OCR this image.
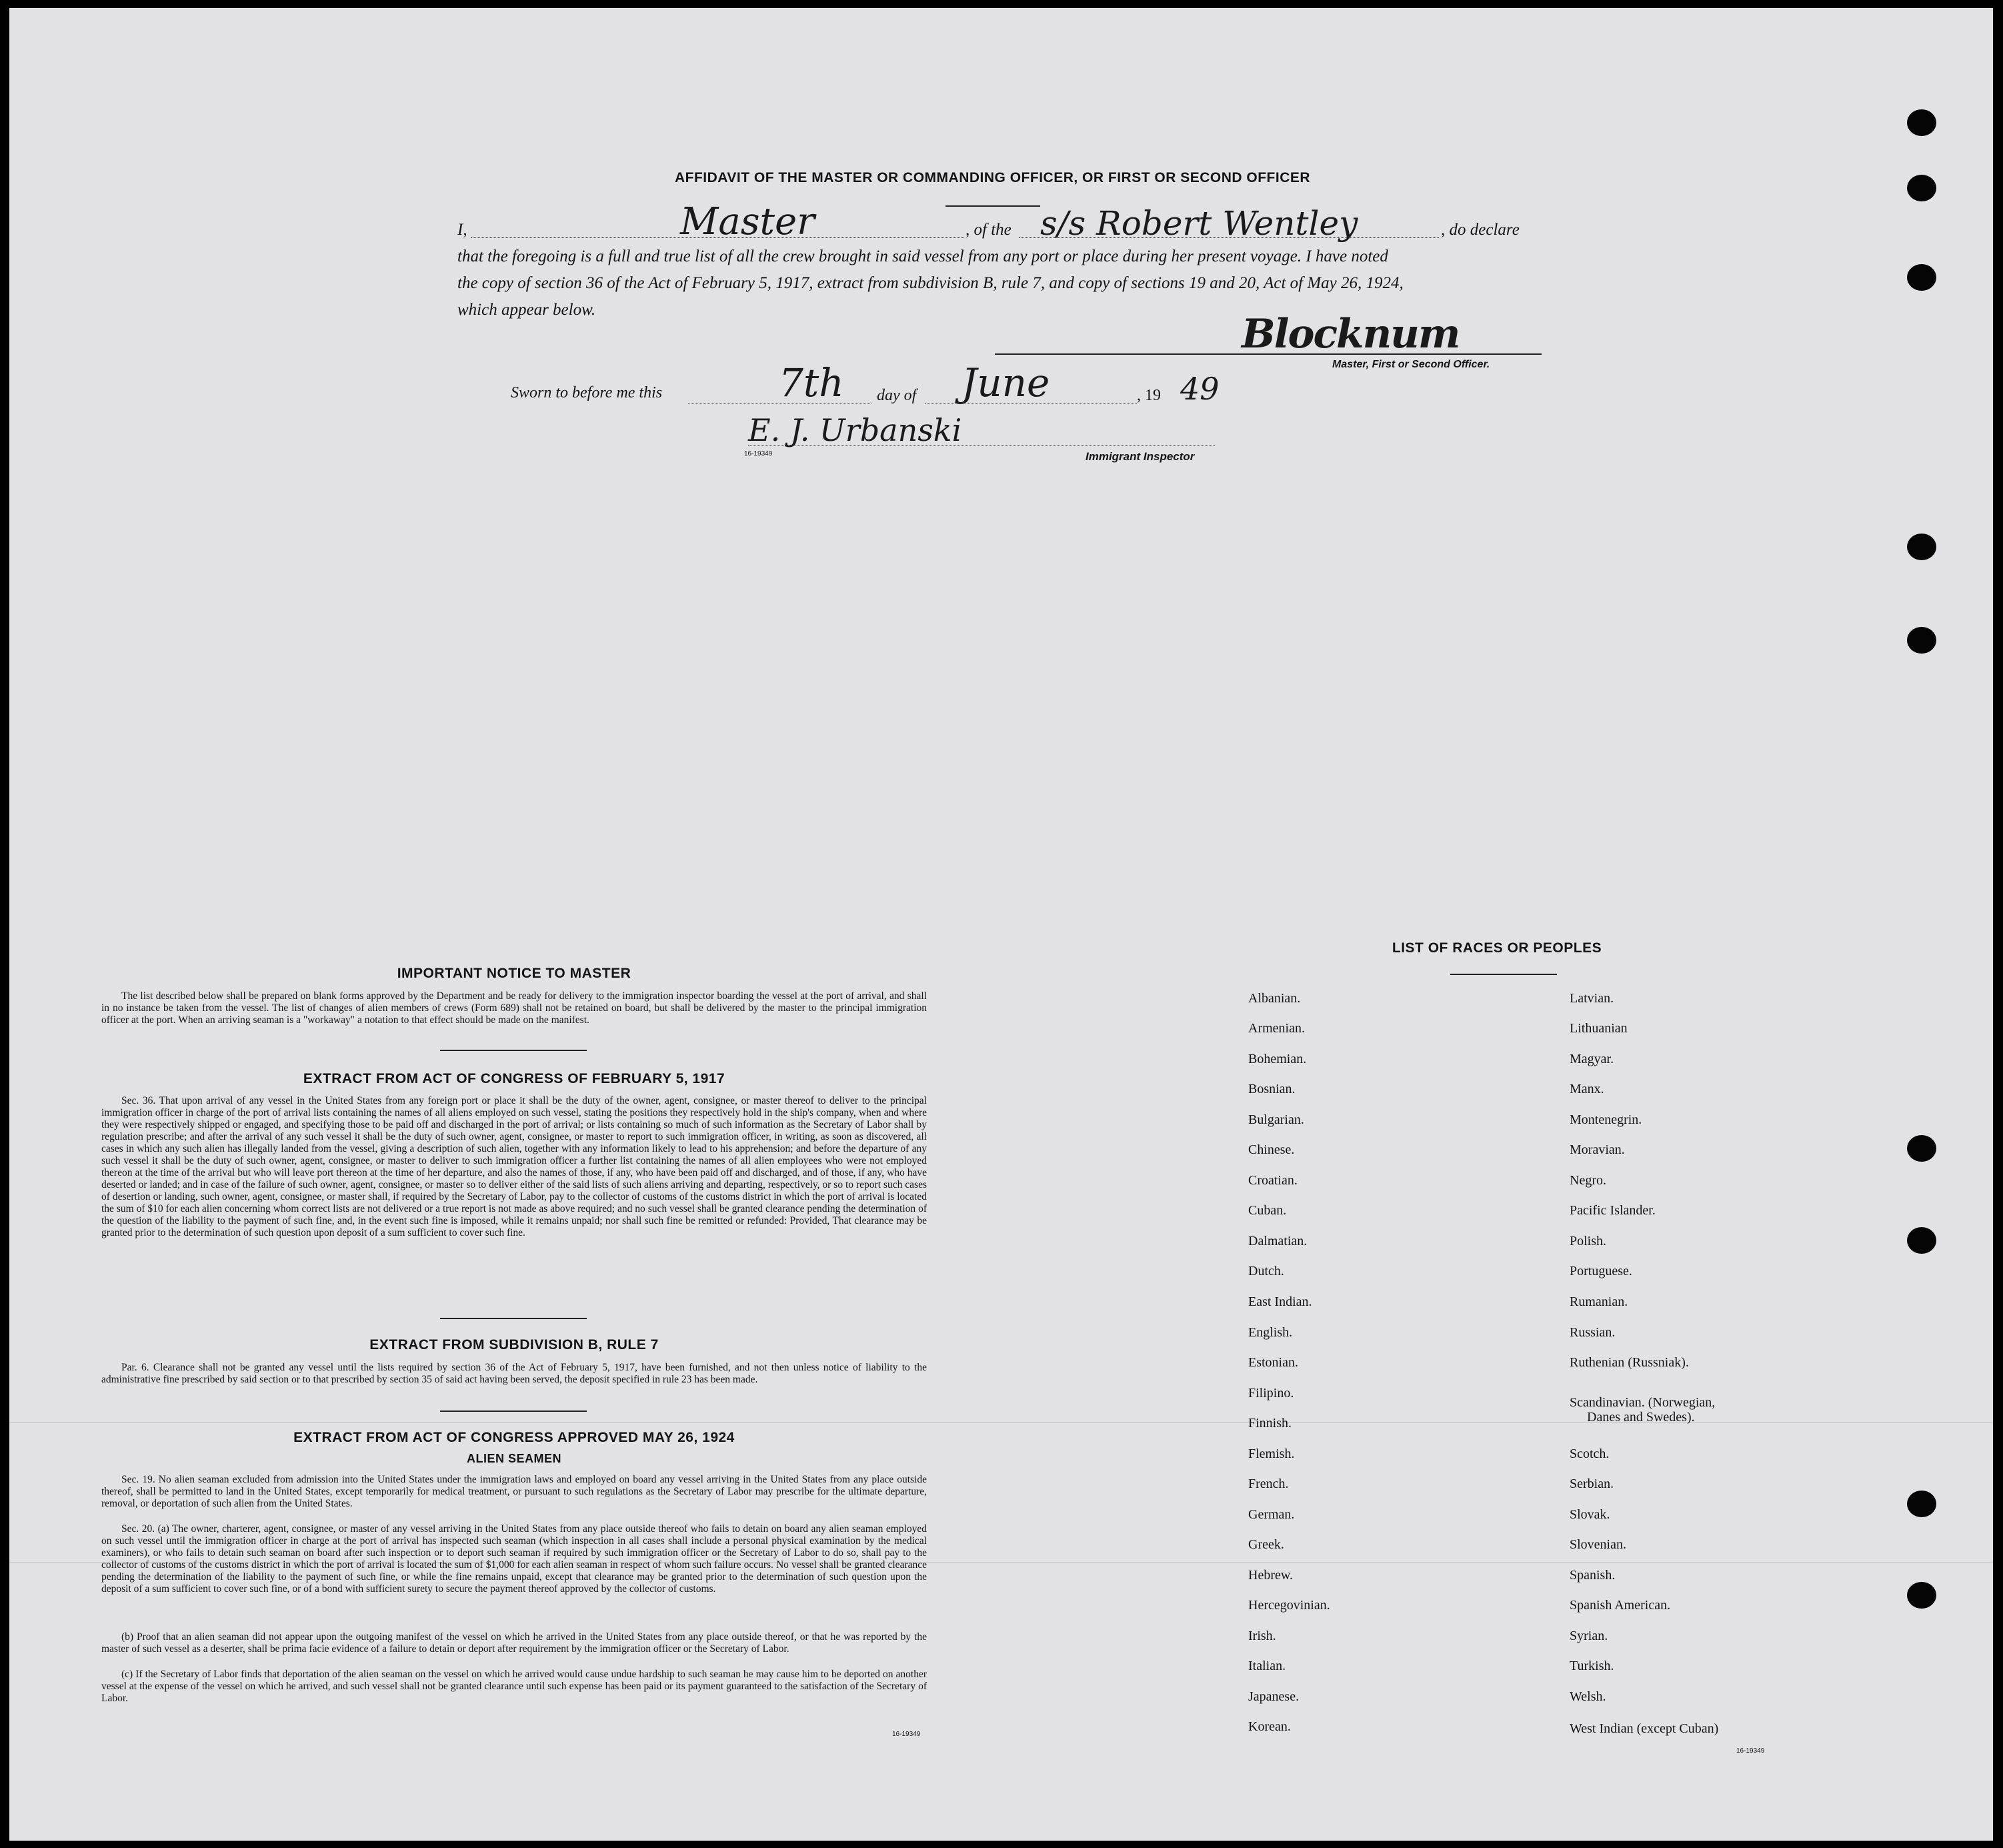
AFFIDAVIT OF THE MASTER OR COMMANDING OFFICER, OR FIRST OR SECOND OFFICER
I,	, of the	, do declare
Master	s/s Robert Wentley
that the foregoing is a full and true list of all the crew brought in said vessel from any port or place during her present voyage. I have noted
the copy of section 36 of the Act of February 5, 1917, extract from subdivision B, rule 7, and copy of sections 19 and 20, Act of May 26, 1924,
which appear below.
Blocknum
Master, First or Second Officer.
Sworn to before me this	7th day of June	, 19 49
E. J. Urbanski
16-19349	Immigrant Inspector
IMPORTANT NOTICE TO MASTER
The list described below shall be prepared on blank forms approved by the Department and be ready for delivery to the immigration inspector boarding the vessel at the port of arrival, and shall in no instance be taken from the vessel. The list of changes of alien members of crews (Form 689) shall not be retained on board, but shall be delivered by the master to the principal immigration officer at the port. When an arriving seaman is a "workaway" a notation to that effect should be made on the manifest.
EXTRACT FROM ACT OF CONGRESS OF FEBRUARY 5, 1917
Sec. 36. That upon arrival of any vessel in the United States from any foreign port or place it shall be the duty of the owner, agent, consignee, or master thereof to deliver to the principal immigration officer in charge of the port of arrival lists containing the names of all aliens employed on such vessel, stating the positions they respectively hold in the ship's company, when and where they were respectively shipped or engaged, and specifying those to be paid off and discharged in the port of arrival; or lists containing so much of such information as the Secretary of Labor shall by regulation prescribe; and after the arrival of any such vessel it shall be the duty of such owner, agent, consignee, or master to report to such immigration officer, in writing, as soon as discovered, all cases in which any such alien has illegally landed from the vessel, giving a description of such alien, together with any information likely to lead to his apprehension; and before the departure of any such vessel it shall be the duty of such owner, agent, consignee, or master to deliver to such immigration officer a further list containing the names of all alien employees who were not employed thereon at the time of the arrival but who will leave port thereon at the time of her departure, and also the names of those, if any, who have been paid off and discharged, and of those, if any, who have deserted or landed; and in case of the failure of such owner, agent, consignee, or master so to deliver either of the said lists of such aliens arriving and departing, respectively, or so to report such cases of desertion or landing, such owner, agent, consignee, or master shall, if required by the Secretary of Labor, pay to the collector of customs of the customs district in which the port of arrival is located the sum of $10 for each alien concerning whom correct lists are not delivered or a true report is not made as above required; and no such vessel shall be granted clearance pending the determination of the question of the liability to the payment of such fine, and, in the event such fine is imposed, while it remains unpaid; nor shall such fine be remitted or refunded: Provided, That clearance may be granted prior to the determination of such question upon deposit of a sum sufficient to cover such fine.
EXTRACT FROM SUBDIVISION B, RULE 7
Par. 6. Clearance shall not be granted any vessel until the lists required by section 36 of the Act of February 5, 1917, have been furnished, and not then unless notice of liability to the administrative fine prescribed by said section or to that prescribed by section 35 of said act having been served, the deposit specified in rule 23 has been made.
EXTRACT FROM ACT OF CONGRESS APPROVED MAY 26, 1924
ALIEN SEAMEN
Sec. 19. No alien seaman excluded from admission into the United States under the immigration laws and employed on board any vessel arriving in the United States from any place outside thereof, shall be permitted to land in the United States, except temporarily for medical treatment, or pursuant to such regulations as the Secretary of Labor may prescribe for the ultimate departure, removal, or deportation of such alien from the United States.
Sec. 20. (a) The owner, charterer, agent, consignee, or master of any vessel arriving in the United States from any place outside thereof who fails to detain on board any alien seaman employed on such vessel until the immigration officer in charge at the port of arrival has inspected such seaman (which inspection in all cases shall include a personal physical examination by the medical examiners), or who fails to detain such seaman on board after such inspection or to deport such seaman if required by such immigration officer or the Secretary of Labor to do so, shall pay to the collector of customs of the customs district in which the port of arrival is located the sum of $1,000 for each alien seaman in respect of whom such failure occurs. No vessel shall be granted clearance pending the determination of the liability to the payment of such fine, or while the fine remains unpaid, except that clearance may be granted prior to the determination of such question upon the deposit of a sum sufficient to cover such fine, or of a bond with sufficient surety to secure the payment thereof approved by the collector of customs.
(b) Proof that an alien seaman did not appear upon the outgoing manifest of the vessel on which he arrived in the United States from any place outside thereof, or that he was reported by the master of such vessel as a deserter, shall be prima facie evidence of a failure to detain or deport after requirement by the immigration officer or the Secretary of Labor.
(c) If the Secretary of Labor finds that deportation of the alien seaman on the vessel on which he arrived would cause undue hardship to such seaman he may cause him to be deported on another vessel at the expense of the vessel on which he arrived, and such vessel shall not be granted clearance until such expense has been paid or its payment guaranteed to the satisfaction of the Secretary of Labor.
16-19349
LIST OF RACES OR PEOPLES
Albanian.
Armenian.
Bohemian.
Bosnian.
Bulgarian.
Chinese.
Croatian.
Cuban.
Dalmatian.
Dutch.
East Indian.
English.
Estonian.
Filipino.
Finnish.
Flemish.
French.
German.
Greek.
Hebrew.
Hercegovinian.
Irish.
Italian.
Japanese.
Korean.
Latvian.
Lithuanian
Magyar.
Manx.
Montenegrin.
Moravian.
Negro.
Pacific Islander.
Polish.
Portuguese.
Rumanian.
Russian.
Ruthenian (Russniak).
Scandinavian. (Norwegian,
Danes and Swedes).
Scotch.
Serbian.
Slovak.
Slovenian.
Spanish.
Spanish American.
Syrian.
Turkish.
Welsh.
West Indian (except Cuban)
16-19349
